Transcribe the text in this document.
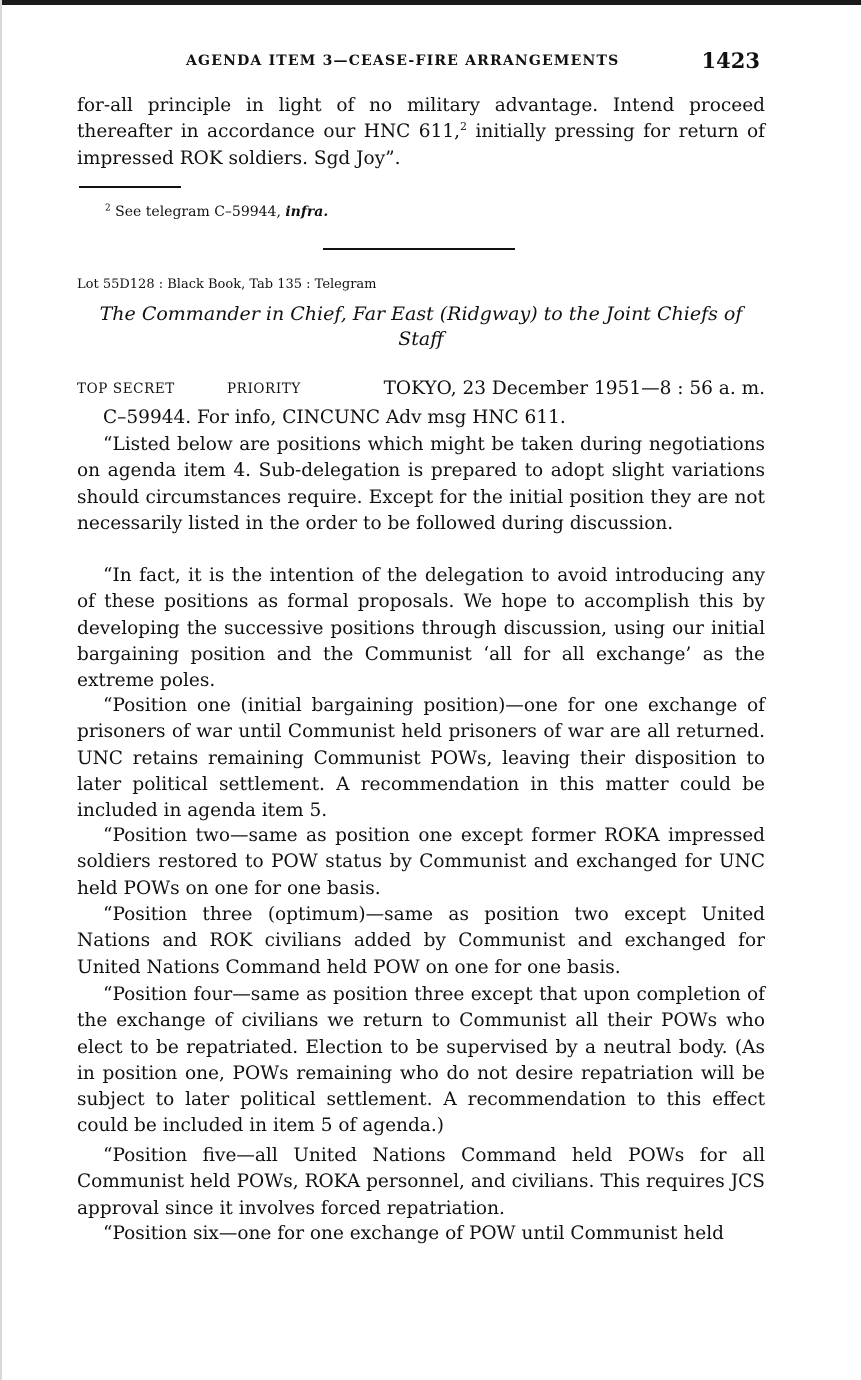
AGENDA ITEM 3—CEASE-FIRE ARRANGEMENTS	1423

for-all principle in light of no military advantage. Intend proceed thereafter in accordance our HNC 611,$^2$ initially pressing for return of impressed ROK soldiers. Sgd Joy”.

$^2$ See telegram C–59944, infra.
Lot 55D128 : Black Book, Tab 135 : Telegram

The Commander in Chief, Far East (Ridgway) to the Joint Chiefs of Staff

TOP SECRET	PRIORITY	TOKYO, 23 December 1951—8 : 56 a. m.

C–59944. For info, CINCUNC Adv msg HNC 611.

“Listed below are positions which might be taken during negotiations on agenda item 4. Sub-delegation is prepared to adopt slight variations should circumstances require. Except for the initial position they are not necessarily listed in the order to be followed during discussion.

“In fact, it is the intention of the delegation to avoid introducing any of these positions as formal proposals. We hope to accomplish this by developing the successive positions through discussion, using our initial bargaining position and the Communist ‘all for all exchange’ as the extreme poles.

“Position one (initial bargaining position)—one for one exchange of prisoners of war until Communist held prisoners of war are all returned. UNC retains remaining Communist POWs, leaving their disposition to later political settlement. A recommendation in this matter could be included in agenda item 5.

“Position two—same as position one except former ROKA impressed soldiers restored to POW status by Communist and exchanged for UNC held POWs on one for one basis.

“Position three (optimum)—same as position two except United Nations and ROK civilians added by Communist and exchanged for United Nations Command held POW on one for one basis.

“Position four—same as position three except that upon completion of the exchange of civilians we return to Communist all their POWs who elect to be repatriated. Election to be supervised by a neutral body. (As in position one, POWs remaining who do not desire repatriation will be subject to later political settlement. A recommendation to this effect could be included in item 5 of agenda.)

“Position five—all United Nations Command held POWs for all Communist held POWs, ROKA personnel, and civilians. This requires JCS approval since it involves forced repatriation.

“Position six—one for one exchange of POW until Communist held
